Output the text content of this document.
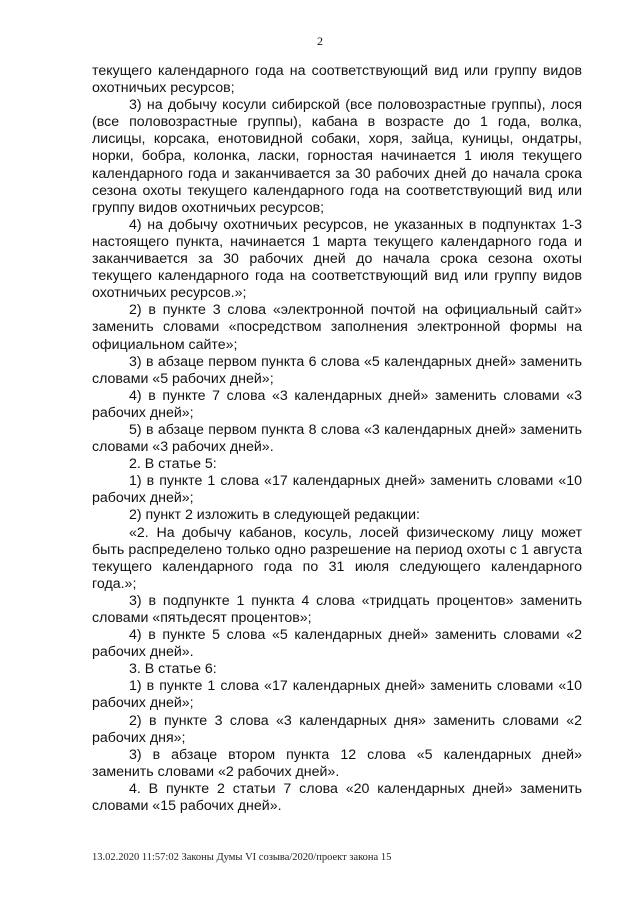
2

текущего календарного года на соответствующий вид или группу видов охотничьих ресурсов;

3) на добычу косули сибирской (все половозрастные группы), лося (все половозрастные группы), кабана в возрасте до 1 года, волка, лисицы, корсака, енотовидной собаки, хоря, зайца, куницы, ондатры, норки, бобра, колонка, ласки, горностая начинается 1 июля текущего календарного года и заканчивается за 30 рабочих дней до начала срока сезона охоты текущего календарного года на соответствующий вид или группу видов охотничьих ресурсов;

4) на добычу охотничьих ресурсов, не указанных в подпунктах 1-3 настоящего пункта, начинается 1 марта текущего календарного года и заканчивается за 30 рабочих дней до начала срока сезона охоты текущего календарного года на соответствующий вид или группу видов охотничьих ресурсов.»;

2) в пункте 3 слова «электронной почтой на официальный сайт» заменить словами «посредством заполнения электронной формы на официальном сайте»;

3) в абзаце первом пункта 6 слова «5 календарных дней» заменить словами «5 рабочих дней»;

4) в пункте 7 слова «3 календарных дней» заменить словами «3 рабочих дней»;

5) в абзаце первом пункта 8 слова «3 календарных дней» заменить словами «3 рабочих дней».

2. В статье 5:

1) в пункте 1 слова «17 календарных дней» заменить словами «10 рабочих дней»;

2) пункт 2 изложить в следующей редакции:

«2. На добычу кабанов, косуль, лосей физическому лицу может быть распределено только одно разрешение на период охоты с 1 августа текущего календарного года по 31 июля следующего календарного года.»;

3) в подпункте 1 пункта 4 слова «тридцать процентов» заменить словами «пятьдесят процентов»;

4) в пункте 5 слова «5 календарных дней» заменить словами «2 рабочих дней».

3. В статье 6:

1) в пункте 1 слова «17 календарных дней» заменить словами «10 рабочих дней»;

2) в пункте 3 слова «3 календарных дня» заменить словами «2 рабочих дня»;

3) в абзаце втором пункта 12 слова «5 календарных дней» заменить словами «2 рабочих дней».

4. В пункте 2 статьи 7 слова «20 календарных дней» заменить словами «15 рабочих дней».

13.02.2020 11:57:02 Законы Думы VI созыва/2020/проект закона 15
